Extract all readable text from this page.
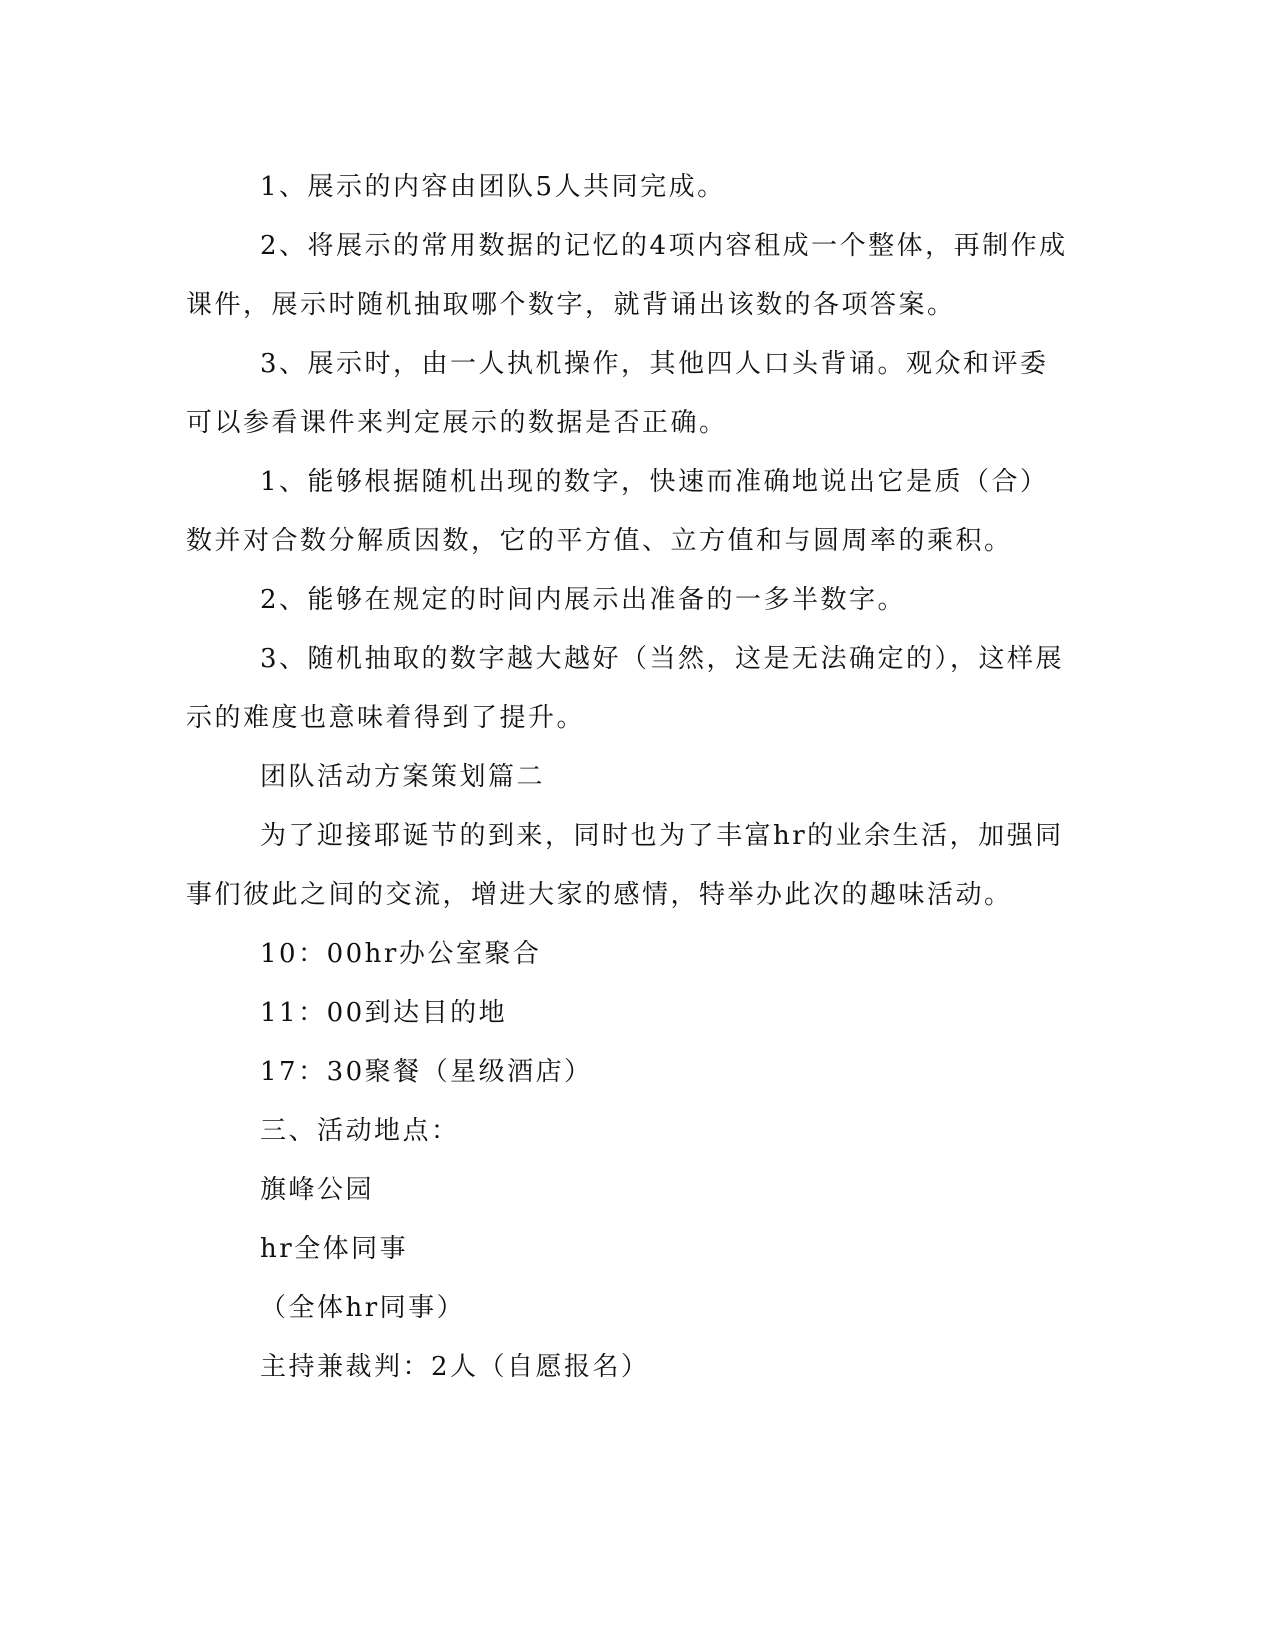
1、展示的内容由团队5人共同完成。

2、将展示的常用数据的记忆的4项内容租成一个整体，再制作成课件，展示时随机抽取哪个数字，就背诵出该数的各项答案。

3、展示时，由一人执机操作，其他四人口头背诵。观众和评委可以参看课件来判定展示的数据是否正确。

1、能够根据随机出现的数字，快速而准确地说出它是质（合）数并对合数分解质因数，它的平方值、立方值和与圆周率的乘积。

2、能够在规定的时间内展示出准备的一多半数字。

3、随机抽取的数字越大越好（当然，这是无法确定的），这样展示的难度也意味着得到了提升。

团队活动方案策划篇二

为了迎接耶诞节的到来，同时也为了丰富hr的业余生活，加强同事们彼此之间的交流，增进大家的感情，特举办此次的趣味活动。

10：00hr办公室聚合

11：00到达目的地

17：30聚餐（星级酒店）

三、活动地点：

旗峰公园

hr全体同事

（全体hr同事）

主持兼裁判：2人（自愿报名）
